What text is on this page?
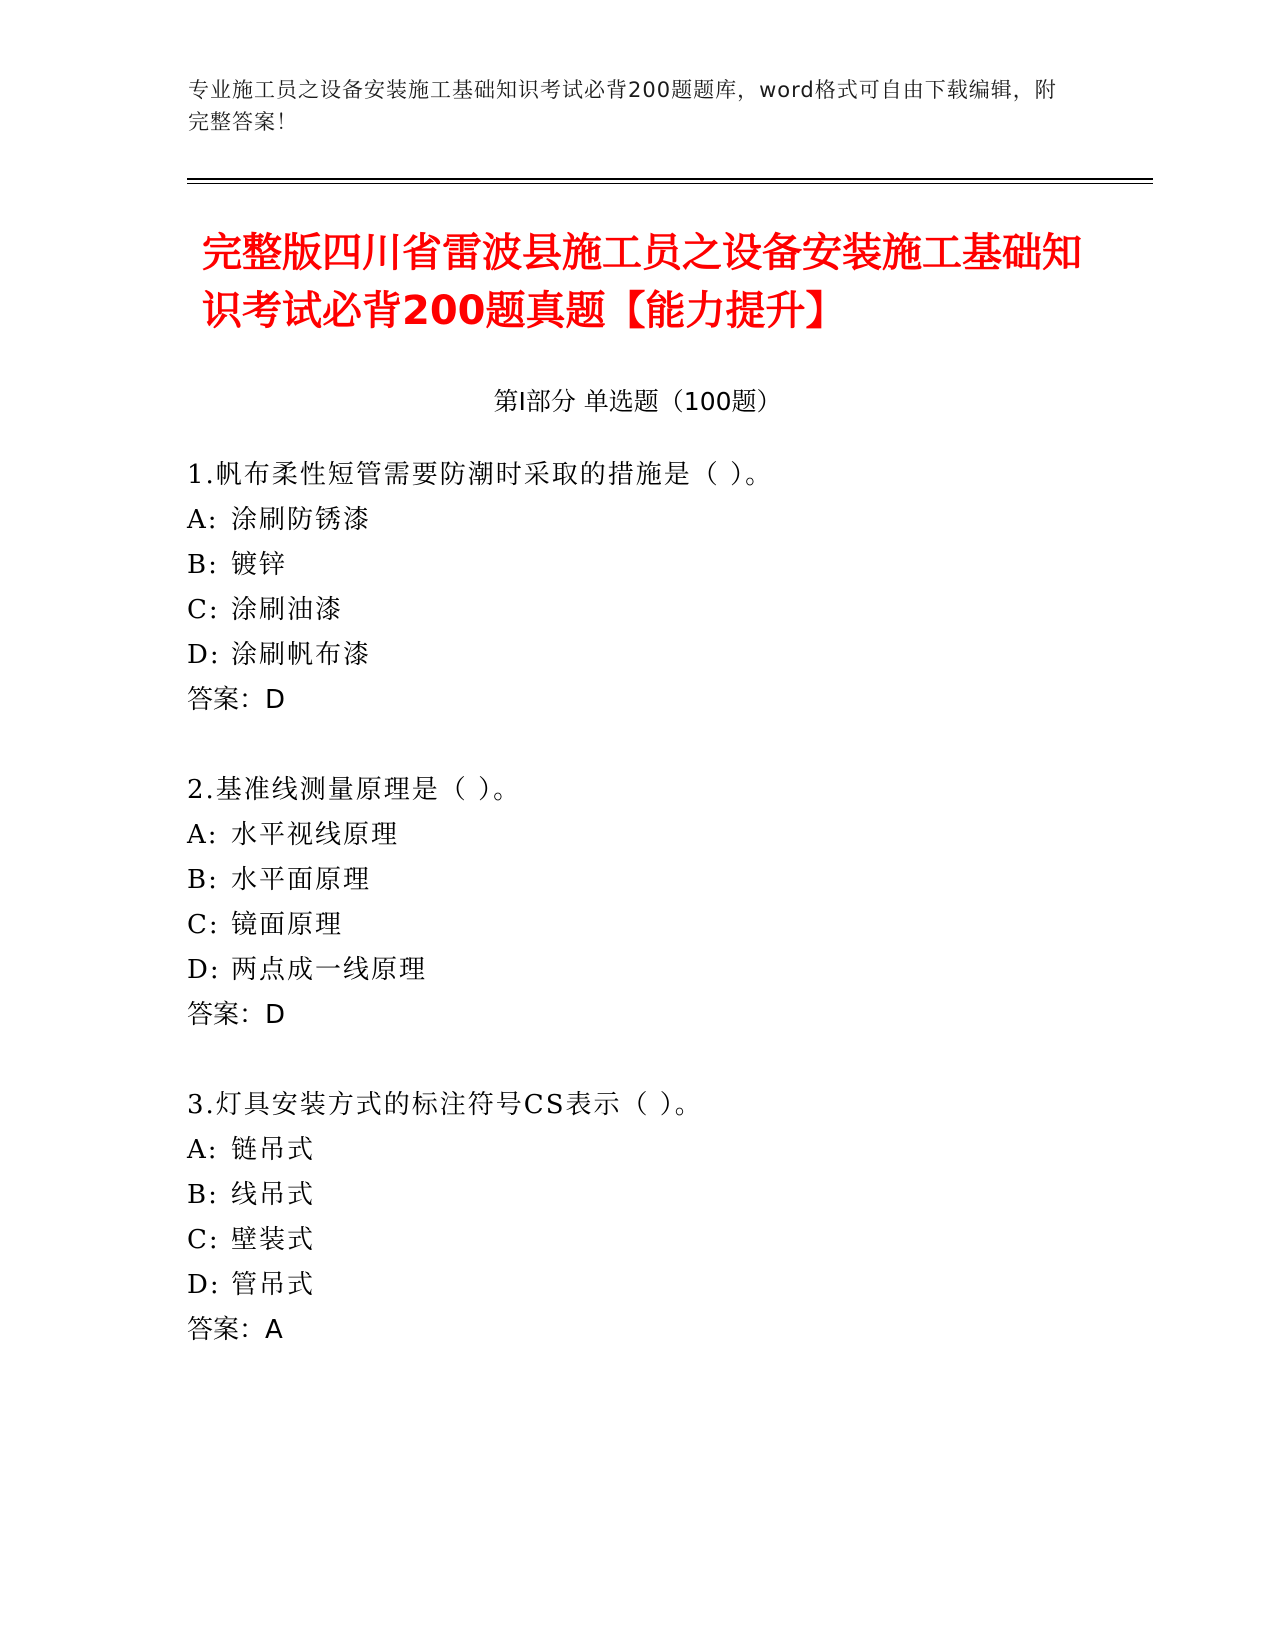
专业施工员之设备安装施工基础知识考试必背200题题库，word格式可自由下载编辑，附完整答案！
完整版四川省雷波县施工员之设备安装施工基础知识考试必背200题真题【能力提升】
第I部分 单选题（100题）
1.帆布柔性短管需要防潮时采取的措施是（ ）。
A: 涂刷防锈漆
B: 镀锌
C: 涂刷油漆
D: 涂刷帆布漆
答案：D
2.基准线测量原理是（ ）。
A: 水平视线原理
B: 水平面原理
C: 镜面原理
D: 两点成一线原理
答案：D
3.灯具安装方式的标注符号CS表示（ ）。
A: 链吊式
B: 线吊式
C: 壁装式
D: 管吊式
答案：A
